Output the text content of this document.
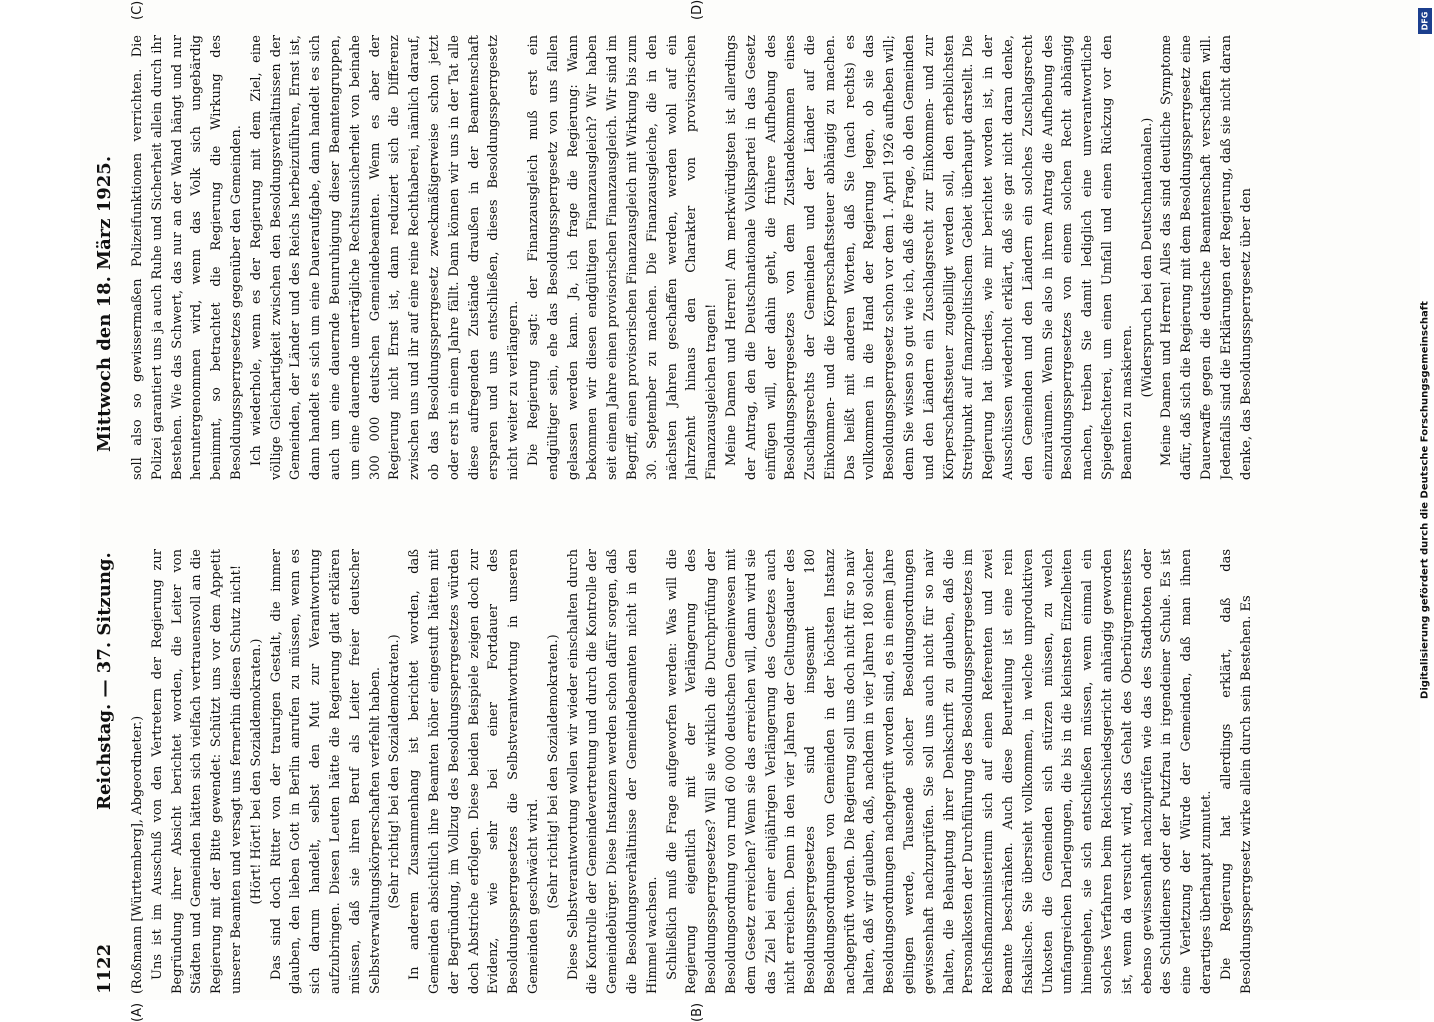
1122
Reichstag. — 37. Sitzung.
Mittwoch den 18. März 1925.
(A)	(B)
(C)	(D)

(Roßmann [Württemberg], Abgeordneter.) Uns ist im Ausschuß von den Vertretern der Regierung zur Begründung ihrer Absicht berichtet worden, die Leiter von Städten und Gemeinden hätten sich vielfach vertrauensvoll an die Regierung mit der Bitte gewendet: Schützt uns vor dem Appetit unserer Beamten und versagt uns fernerhin diesen Schutz nicht! (Hört! Hört! bei den Sozialdemokraten.) Das sind doch Ritter von der traurigen Gestalt, die immer glauben, den lieben Gott in Berlin anrufen zu müssen, wenn es sich darum handelt, selbst den Mut zur Verantwortung aufzubringen. Diesen Leuten hätte die Regierung glatt erklären müssen, daß sie ihren Beruf als Leiter freier deutscher Selbstverwaltungskörperschaften verfehlt haben. (Sehr richtig! bei den Sozialdemokraten.) In anderem Zusammenhang ist berichtet worden, daß Gemeinden absichtlich ihre Beamten höher eingestuft hätten mit der Begründung, im Vollzug des Besoldungssperrgesetzes würden doch Abstriche erfolgen. Diese beiden Beispiele zeigen doch zur Evidenz, wie sehr bei einer Fortdauer des Besoldungssperrgesetzes die Selbstverantwortung in unseren Gemeinden geschwächt wird. (Sehr richtig! bei den Sozialdemokraten.) Diese Selbstverantwortung wollen wir wieder einschalten durch die Kontrolle der Gemeindevertretung und durch die Kontrolle der Gemeindebürger. Diese Instanzen werden schon dafür sorgen, daß die Besoldungsverhältnisse der Gemeindebeamten nicht in den Himmel wachsen. Schließlich muß die Frage aufgeworfen werden: Was will die Regierung eigentlich mit der Verlängerung des Besoldungssperrgesetzes? Will sie wirklich die Durchprüfung der Besoldungsordnung von rund 60 000 deutschen Gemeinwesen mit dem Gesetz erreichen? Wenn sie das erreichen will, dann wird sie das Ziel bei einer einjährigen Verlängerung des Gesetzes auch nicht erreichen. Denn in den vier Jahren der Geltungsdauer des Besoldungssperrgesetzes sind insgesamt 180 Besoldungsordnungen von Gemeinden in der höchsten Instanz nachgeprüft worden. Die Regierung soll uns doch nicht für so naiv halten, daß wir glauben, daß, nachdem in vier Jahren 180 solcher Besoldungsordnungen nachgeprüft worden sind, es in einem Jahre gelingen werde, Tausende solcher Besoldungsordnungen gewissenhaft nachzuprüfen. Sie soll uns auch nicht für so naiv halten, die Behauptung ihrer Denkschrift zu glauben, daß die Personalkosten der Durchführung des Besoldungssperrgesetzes im Reichsfinanzministerium sich auf einen Referenten und zwei Beamte beschränken. Auch diese Beurteilung ist eine rein fiskalische. Sie übersieht vollkommen, in welche unproduktiven Unkosten die Gemeinden sich stürzen müssen, zu welch umfangreichen Darlegungen, die bis in die kleinsten Einzelheiten hineingehen, sie sich entschließen müssen, wenn einmal ein solches Verfahren beim Reichsschiedsgericht anhängig geworden ist, wenn da versucht wird, das Gehalt des Oberbürgermeisters ebenso gewissenhaft nachzuprüfen wie das des Stadtboten oder des Schuldieners oder der Putzfrau in irgendeiner Schule. Es ist eine Verletzung der Würde der Gemeinden, daß man ihnen derartiges überhaupt zumutet. Die Regierung hat allerdings erklärt, daß das Besoldungssperrgesetz wirke allein durch sein Bestehen. Es

soll also so gewissermaßen Polizeifunktionen verrichten. Die Polizei garantiert uns ja auch Ruhe und Sicherheit allein durch ihr Bestehen. Wie das Schwert, das nur an der Wand hängt und nur heruntergenommen wird, wenn das Volk sich ungebärdig benimmt, so betrachtet die Regierung die Wirkung des Besoldungssperrgesetzes gegenüber den Gemeinden. Ich wiederhole, wenn es der Regierung mit dem Ziel, eine völlige Gleichartigkeit zwischen den Besoldungsverhältnissen der Gemeinden, der Länder und des Reichs herbeizuführen, Ernst ist, dann handelt es sich um eine Daueraufgabe, dann handelt es sich auch um eine dauernde Beunruhigung dieser Beamtengruppen, um eine dauernde unerträgliche Rechtsunsicherheit von beinahe 300 000 deutschen Gemeindebeamten. Wenn es aber der Regierung nicht Ernst ist, dann reduziert sich die Differenz zwischen uns und ihr auf eine reine Rechthaberei, nämlich darauf, ob das Besoldungssperrgesetz zweckmäßigerweise schon jetzt oder erst in einem Jahre fällt. Dann können wir uns in der Tat alle diese aufregenden Zustände draußen in der Beamtenschaft ersparen und uns entschließen, dieses Besoldungssperrgesetz nicht weiter zu verlängern. Die Regierung sagt: der Finanzausgleich muß erst ein endgültiger sein, ehe das Besoldungssperrgesetz von uns fallen gelassen werden kann. Ja, ich frage die Regierung: Wann bekommen wir diesen endgültigen Finanzausgleich? Wir haben seit einem Jahre einen provisorischen Finanzausgleich. Wir sind im Begriff, einen provisorischen Finanzausgleich mit Wirkung bis zum 30. September zu machen. Die Finanzausgleiche, die in den nächsten Jahren geschaffen werden, werden wohl auf ein Jahrzehnt hinaus den Charakter von provisorischen Finanzausgleichen tragen! Meine Damen und Herren! Am merkwürdigsten ist allerdings der Antrag, den die Deutschnationale Volkspartei in das Gesetz einfügen will, der dahin geht, die frühere Aufhebung des Besoldungssperrgesetzes von dem Zustandekommen eines Zuschlagsrechts der Gemeinden und der Länder auf die Einkommen- und die Körperschaftssteuer abhängig zu machen. Das heißt mit anderen Worten, daß Sie (nach rechts) es vollkommen in die Hand der Regierung legen, ob sie das Besoldungssperrgesetz schon vor dem 1. April 1926 aufheben will; denn Sie wissen so gut wie ich, daß die Frage, ob den Gemeinden und den Ländern ein Zuschlagsrecht zur Einkommen- und zur Körperschaftssteuer zugebilligt werden soll, den erheblichsten Streitpunkt auf finanzpolitischem Gebiet überhaupt darstellt. Die Regierung hat überdies, wie mir berichtet worden ist, in der Ausschüssen wiederholt erklärt, daß sie gar nicht daran denke, den Gemeinden und den Ländern ein solches Zuschlagsrecht einzuräumen. Wenn Sie also in ihrem Antrag die Aufhebung des Besoldungssperrgesetzes von einem solchen Recht abhängig machen, treiben Sie damit lediglich eine unverantwortliche Spiegelfechterei, um einen Umfall und einen Rückzug vor den Beamten zu maskieren.

(Widerspruch bei den Deutschnationalen.) Meine Damen und Herren! Alles das sind deutliche Symptome dafür, daß sich die Regierung mit dem Besoldungssperrgesetz eine Dauerwaffe gegen die deutsche Beamtenschaft verschaffen will. Jedenfalls sind die Erklärungen der Regierung, daß sie nicht daran denke, das Besoldungssperrgesetz über den	Digitalisierung gefördert durch die Deutsche Forschungsgemeinschaft
DFG
